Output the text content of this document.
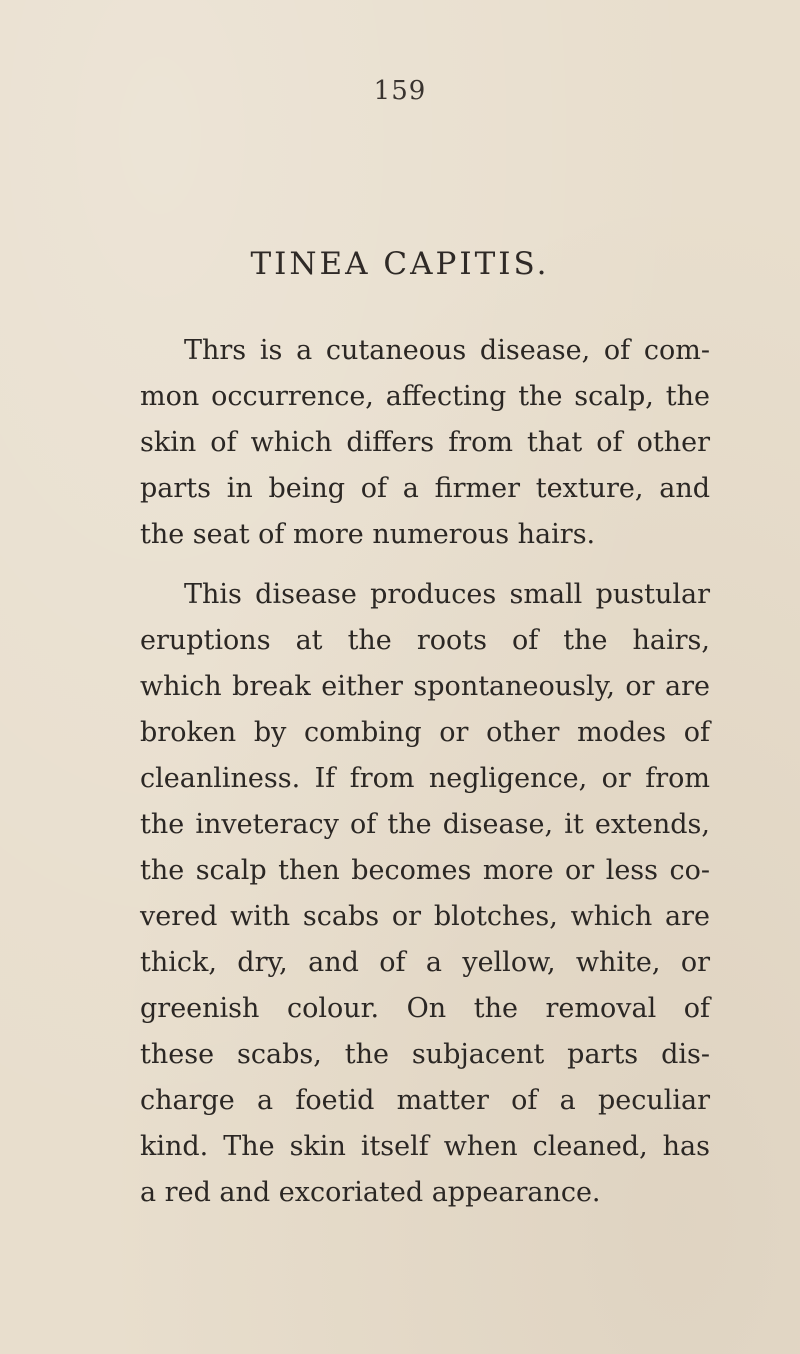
159
TINEA CAPITIS.
Thrs is a cutaneous disease, of com-
mon occurrence, affecting the scalp, the
skin of which differs from that of other
parts in being of a firmer texture, and
the seat of more numerous hairs.
This disease produces small pustular
eruptions at the roots of the hairs,
which break either spontaneously, or are
broken by combing or other modes of
cleanliness. If from negligence, or from
the inveteracy of the disease, it extends,
the scalp then becomes more or less co-
vered with scabs or blotches, which are
thick, dry, and of a yellow, white, or
greenish colour. On the removal of
these scabs, the subjacent parts dis-
charge a foetid matter of a peculiar
kind. The skin itself when cleaned, has
a red and excoriated appearance.
